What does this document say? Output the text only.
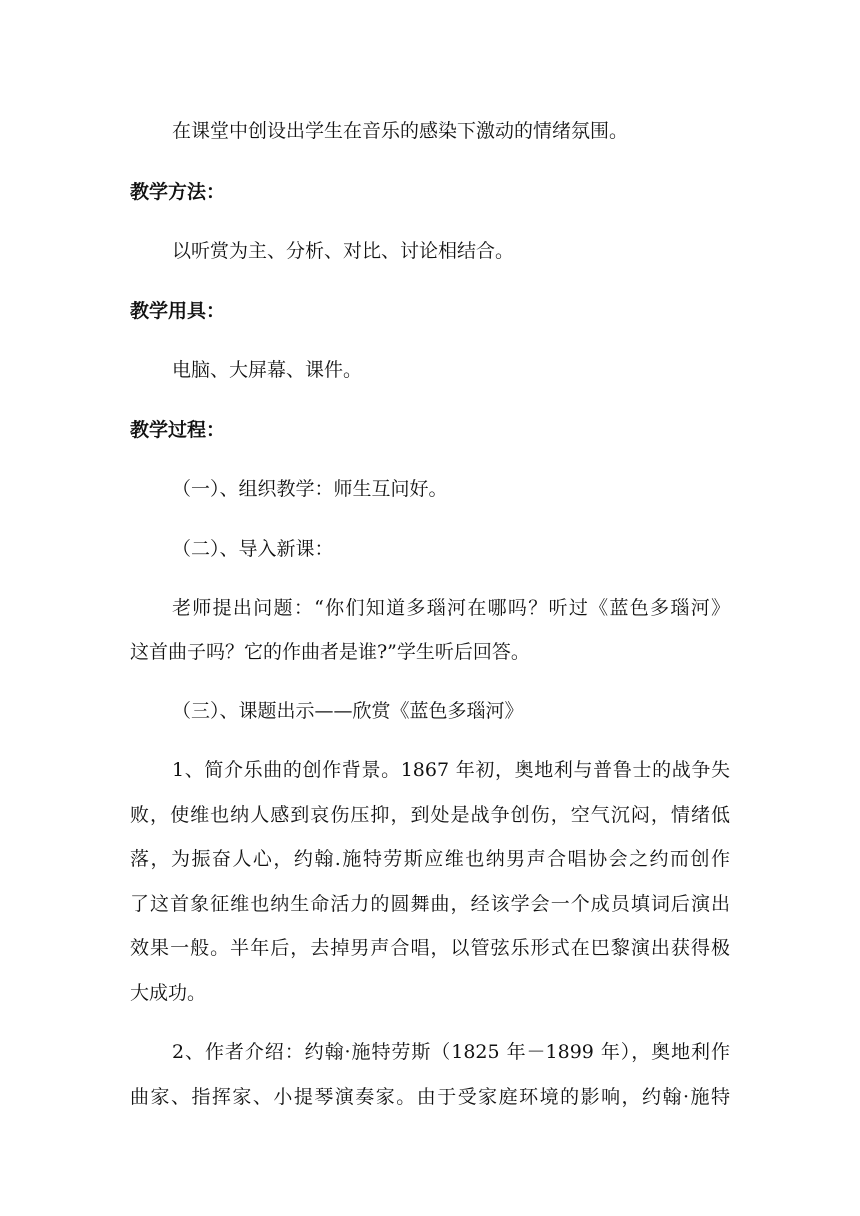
在课堂中创设出学生在音乐的感染下激动的情绪氛围。

教学方法：

以听赏为主、分析、对比、讨论相结合。

教学用具：

电脑、大屏幕、课件。

教学过程：

（一）、组织教学：师生互问好。

（二）、导入新课：

老师提出问题：“你们知道多瑙河在哪吗？听过《蓝色多瑙河》

这首曲子吗？它的作曲者是谁?”学生听后回答。

（三）、课题出示——欣赏《蓝色多瑙河》

1、简介乐曲的创作背景。1867 年初，奥地利与普鲁士的战争失

败，使维也纳人感到哀伤压抑，到处是战争创伤，空气沉闷，情绪低

落，为振奋人心，约翰.施特劳斯应维也纳男声合唱协会之约而创作

了这首象征维也纳生命活力的圆舞曲，经该学会一个成员填词后演出

效果一般。半年后，去掉男声合唱，以管弦乐形式在巴黎演出获得极

大成功。

2、作者介绍：约翰·施特劳斯（1825 年－1899 年），奥地利作

曲家、指挥家、小提琴演奏家。由于受家庭环境的影响，约翰·施特
